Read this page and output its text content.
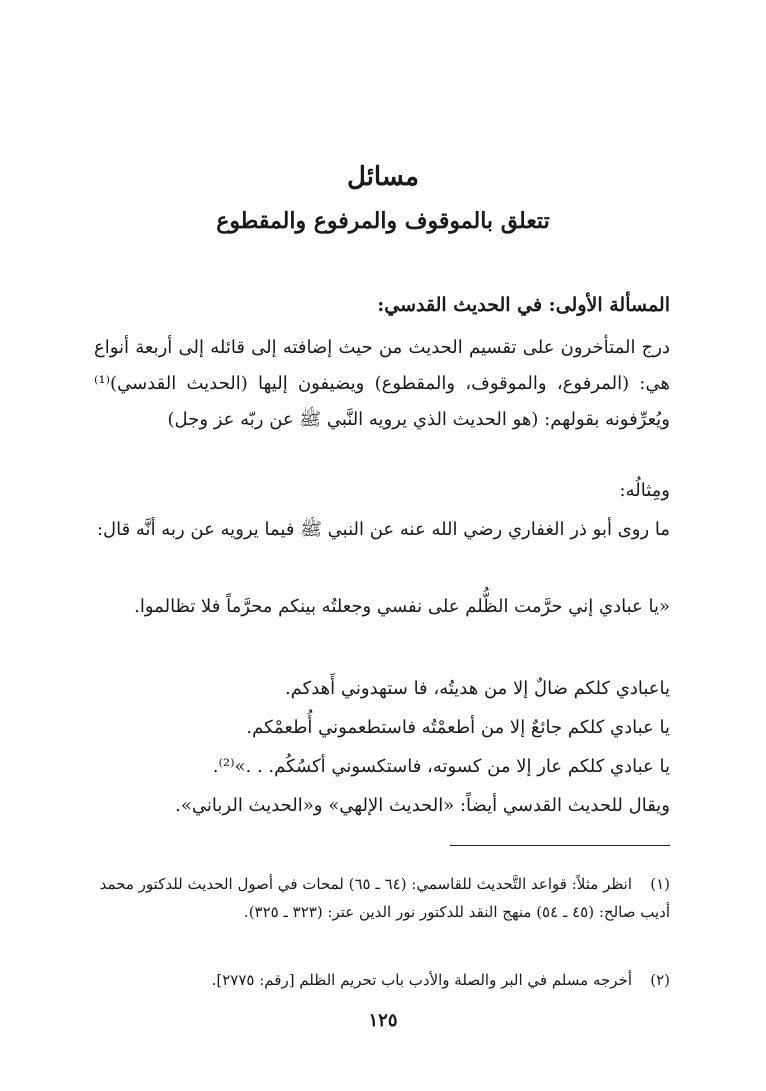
مسائل
تتعلق بالموقوف والمرفوع والمقطوع
المسألة الأولى: في الحديث القدسي:
درج المتأخرون على تقسيم الحديث من حيث إضافته إلى قائله إلى أربعة أنواع هي: (المرفوع، والموقوف، والمقطوع) ويضيفون إليها (الحديث القدسي)⁽¹⁾ ويُعرِّفونه بقولهم: (هو الحديث الذي يرويه النَّبي ﷺ عن ربّه عز وجل)
ومِثالُه:
ما روى أبو ذر الغفاري رضي الله عنه عن النبي ﷺ فيما يرويه عن ربه أنَّه قال:
«يا عبادي إني حرَّمت الظُّلم على نفسي وجعلتُه بينكم محرَّماً فلا تظالموا.
ياعبادي كلكم ضالٌ إلا من هديتُه، فا ستهدوني أَهدكم.
يا عبادي كلكم جائعٌ إلا من أطعمْتُه فاستطعموني أُطعمْكم.
يا عبادي كلكم عار إلا من كسوته، فاستكسوني أكسُكُم. . .»⁽²⁾.
ويقال للحديث القدسي أيضاً: «الحديث الإلهي» و«الحديث الرباني».
(١)انظر مثلاً: قواعد التَّحديث للقاسمي: (٦٤ ـ ٦٥) لمحات في أصول الحديث للدكتور محمد أديب صالح: (٤٥ ـ ٥٤) منهج النقد للدكتور نور الدين عتر: (٣٢٣ ـ ٣٢٥).
(٢)أخرجه مسلم في البر والصلة والأدب باب تحريم الظلم [رقم: ٢٧٧٥].
١٢٥
